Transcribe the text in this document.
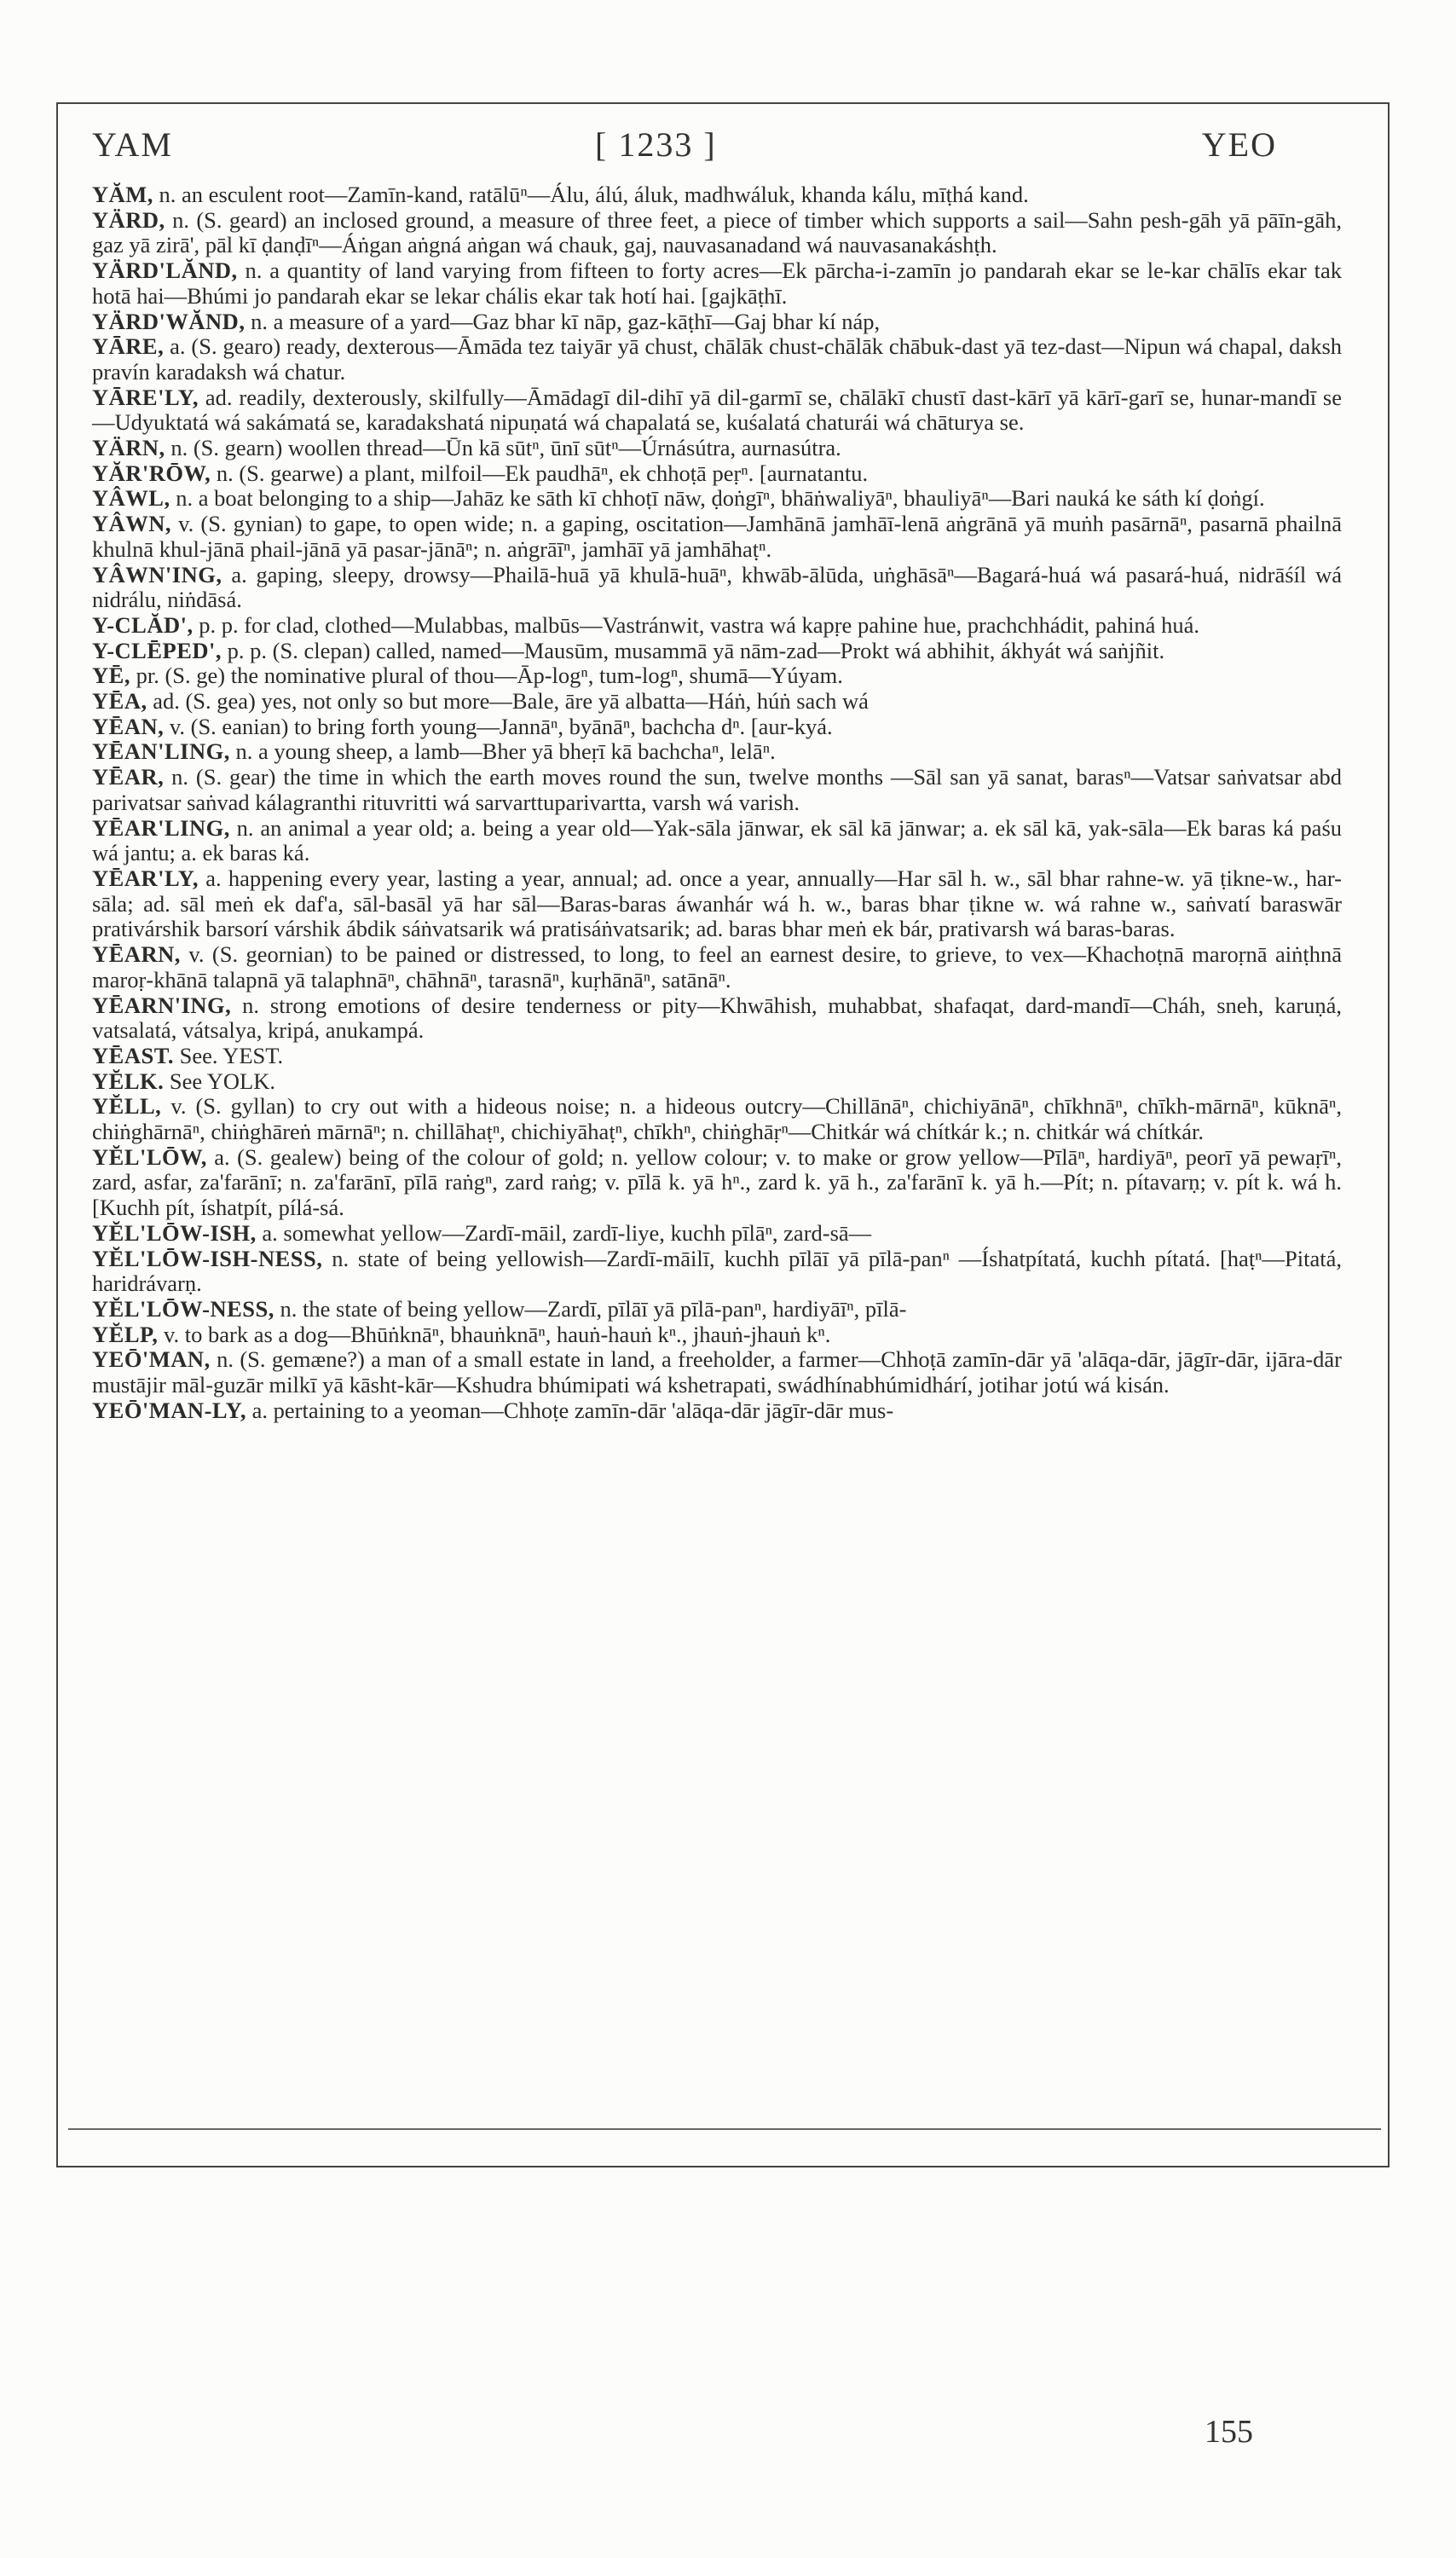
YAM	[ 1233 ]	YEO

YĂM, n. an esculent root—Zamīn-kand, ratālūⁿ—Álu, álú, áluk, madhwáluk, khanda kálu, mīṭhá kand.

YÄRD, n. (S. geard) an inclosed ground, a measure of three feet, a piece of timber which supports a sail—Sahn pesh-gāh yā pāīn-gāh, gaz yā zirā', pāl kī ḍanḍīⁿ—Áṅgan aṅgná aṅgan wá chauk, gaj, nauvasanadand wá nauvasanakáshṭh.

YÄRD'LĂND, n. a quantity of land varying from fifteen to forty acres—Ek pārcha-i-zamīn jo pandarah ekar se le-kar chālīs ekar tak hotā hai—Bhúmi jo pandarah ekar se lekar chális ekar tak hotí hai. [gajkāṭhī.

YÄRD'WĂND, n. a measure of a yard—Gaz bhar kī nāp, gaz-kāṭhī—Gaj bhar kí náp,

YĀRE, a. (S. gearo) ready, dexterous—Āmāda tez taiyār yā chust, chālāk chust-chālāk chābuk-dast yā tez-dast—Nipun wá chapal, daksh pravín karadaksh wá chatur.

YĀRE'LY, ad. readily, dexterously, skilfully—Āmādagī dil-dihī yā dil-garmī se, chālākī chustī dast-kārī yā kārī-garī se, hunar-mandī se—Udyuktatá wá sakámatá se, karadakshatá nipuṇatá wá chapalatá se, kuśalatá chaturái wá chāturya se.

YÄRN, n. (S. gearn) woollen thread—Ūn kā sūtⁿ, ūnī sūtⁿ—Úrnásútra, aurnasútra.

YĂR'RŌW, n. (S. gearwe) a plant, milfoil—Ek paudhāⁿ, ek chhoṭā peṛⁿ. [aurnatantu.

YÂWL, n. a boat belonging to a ship—Jahāz ke sāth kī chhoṭī nāw, ḍoṅgīⁿ, bhāṅwaliyāⁿ, bhauliyāⁿ—Bari nauká ke sáth kí ḍoṅgí.

YÂWN, v. (S. gynian) to gape, to open wide; n. a gaping, oscitation—Jamhānā jamhāī-lenā aṅgrānā yā muṅh pasārnāⁿ, pasarnā phailnā khulnā khul-jānā phail-jānā yā pasar-jānāⁿ; n. aṅgrāīⁿ, jamhāī yā jamhāhaṭⁿ.

YÂWN'ING, a. gaping, sleepy, drowsy—Phailā-huā yā khulā-huāⁿ, khwāb-ālūda, uṅghāsāⁿ—Bagará-huá wá pasará-huá, nidrāśíl wá nidrálu, niṅdāsá.

Y-CLĂD', p. p. for clad, clothed—Mulabbas, malbūs—Vastránwit, vastra wá kapṛe pahine hue, prachchhádit, pahiná huá.

Y-CLĒPED', p. p. (S. clepan) called, named—Mausūm, musammā yā nām-zad—Prokt wá abhihit, ákhyát wá saṅjñit.

YĒ, pr. (S. ge) the nominative plural of thou—Āp-logⁿ, tum-logⁿ, shumā—Yúyam.

YĒA, ad. (S. gea) yes, not only so but more—Bale, āre yā albatta—Háṅ, húṅ sach wá

YĒAN, v. (S. eanian) to bring forth young—Jannāⁿ, byānāⁿ, bachcha dⁿ. [aur-kyá.

YĒAN'LING, n. a young sheep, a lamb—Bher yā bheṛī kā bachchaⁿ, lelāⁿ.

YĒAR, n. (S. gear) the time in which the earth moves round the sun, twelve months —Sāl san yā sanat, barasⁿ—Vatsar saṅvatsar abd parivatsar saṅvad kálagranthi rituvritti wá sarvarttuparivartta, varsh wá varish.

YĒAR'LING, n. an animal a year old; a. being a year old—Yak-sāla jānwar, ek sāl kā jānwar; a. ek sāl kā, yak-sāla—Ek baras ká paśu wá jantu; a. ek baras ká.

YĒAR'LY, a. happening every year, lasting a year, annual; ad. once a year, annually—Har sāl h. w., sāl bhar rahne-w. yā ṭikne-w., har-sāla; ad. sāl meṅ ek daf'a, sāl-basāl yā har sāl—Baras-baras áwanhár wá h. w., baras bhar ṭikne w. wá rahne w., saṅvatí baraswār prativárshik barsorí várshik ábdik sáṅvatsarik wá pratisáṅvatsarik; ad. baras bhar meṅ ek bár, prativarsh wá baras-baras.

YĒARN, v. (S. geornian) to be pained or distressed, to long, to feel an earnest desire, to grieve, to vex—Khachoṭnā maroṛnā aiṅṭhnā maroṛ-khānā talapnā yā talaphnāⁿ, chāhnāⁿ, tarasnāⁿ, kuṛhānāⁿ, satānāⁿ.

YĒARN'ING, n. strong emotions of desire tenderness or pity—Khwāhish, muhabbat, shafaqat, dard-mandī—Cháh, sneh, karuṇá, vatsalatá, vátsalya, kripá, anukampá.

YĒAST. See. YEST.

YĔLK. See YOLK.

YĔLL, v. (S. gyllan) to cry out with a hideous noise; n. a hideous outcry—Chillānāⁿ, chichiyānāⁿ, chīkhnāⁿ, chīkh-mārnāⁿ, kūknāⁿ, chiṅghārnāⁿ, chiṅghāreṅ mārnāⁿ; n. chillāhaṭⁿ, chichiyāhaṭⁿ, chīkhⁿ, chiṅghāṛⁿ—Chitkár wá chítkár k.; n. chitkár wá chítkár.

YĔL'LŌW, a. (S. gealew) being of the colour of gold; n. yellow colour; v. to make or grow yellow—Pīlāⁿ, hardiyāⁿ, peorī yā pewaṛīⁿ, zard, asfar, za'farānī; n. za'farānī, pīlā raṅgⁿ, zard raṅg; v. pīlā k. yā hⁿ., zard k. yā h., za'farānī k. yā h.—Pít; n. pítavarṇ; v. pít k. wá h. [Kuchh pít, íshatpít, pílá-sá.

YĔL'LŌW-ISH, a. somewhat yellow—Zardī-māil, zardī-liye, kuchh pīlāⁿ, zard-sā—

YĔL'LŌW-ISH-NESS, n. state of being yellowish—Zardī-māilī, kuchh pīlāī yā pīlā-panⁿ —Íshatpítatá, kuchh pítatá. [haṭⁿ—Pitatá, haridrávarṇ.

YĔL'LŌW-NESS, n. the state of being yellow—Zardī, pīlāī yā pīlā-panⁿ, hardiyāīⁿ, pīlā-

YĔLP, v. to bark as a dog—Bhūṅknāⁿ, bhauṅknāⁿ, hauṅ-hauṅ kⁿ., jhauṅ-jhauṅ kⁿ.

YEŌ'MAN, n. (S. gemæne?) a man of a small estate in land, a freeholder, a farmer—Chhoṭā zamīn-dār yā 'alāqa-dār, jāgīr-dār, ijāra-dār mustājir māl-guzār milkī yā kāsht-kār—Kshudra bhúmipati wá kshetrapati, swádhínabhúmidhárí, jotihar jotú wá kisán.

YEŌ'MAN-LY, a. pertaining to a yeoman—Chhoṭe zamīn-dār 'alāqa-dār jāgīr-dār mus-

155
